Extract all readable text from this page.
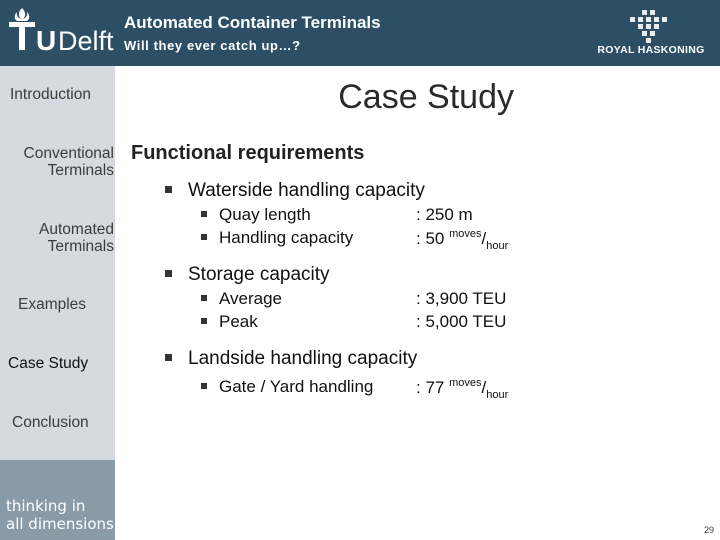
U Delft
Automated Container Terminals
Will they ever catch up…?	ROYAL HASKONING
Introduction
Conventional
Terminals
Automated
Terminals
Examples
Case Study
Conclusion
thinking in
all dimensions
Case Study
Functional requirements
Waterside handling capacity
Quay length	: 250 m
Handling capacity	: 50 $^{moves}/_{hour}$
Storage capacity
Average	: 3,900 TEU
Peak	: 5,000 TEU
Landside handling capacity
Gate / Yard handling	: 77 $^{moves}/_{hour}$
29
